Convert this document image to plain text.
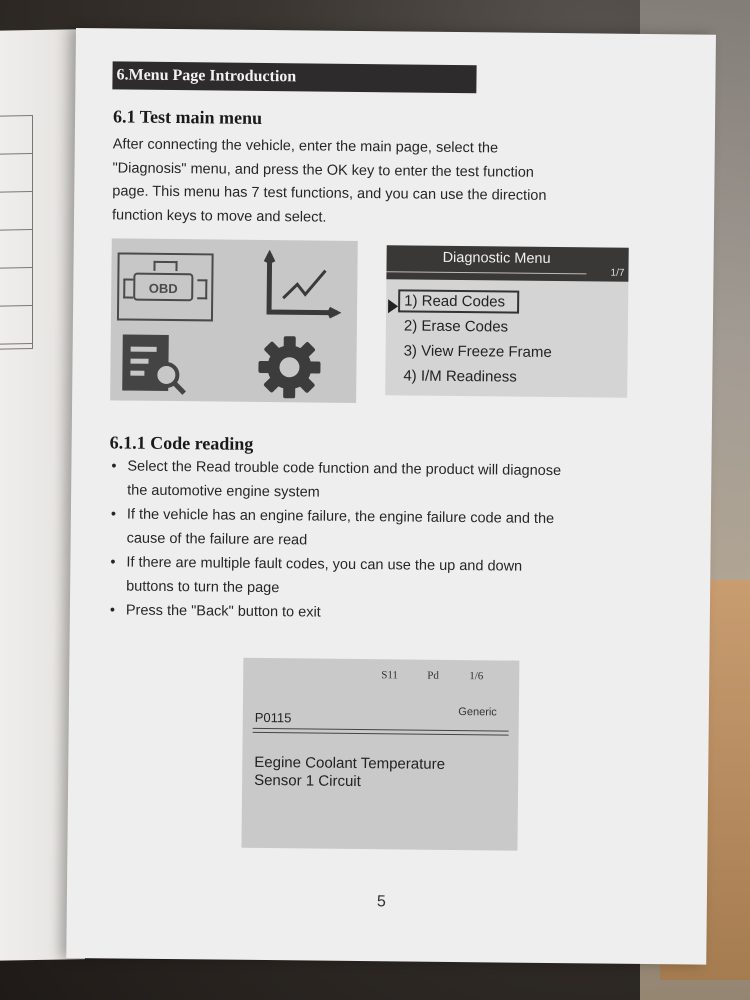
6.Menu Page Introduction
6.1 Test main menu
After connecting the vehicle, enter the main page, select the
"Diagnosis" menu, and press the OK key to enter the test function
page. This menu has 7 test functions, and you can use the direction
function keys to move and select.
OBD
Diagnostic Menu
1/7
1) Read Codes
2) Erase Codes
3) View Freeze Frame
4) I/M Readiness
6.1.1 Code reading
• Select the Read trouble code function and the product will diagnose
the automotive engine system
• If the vehicle has an engine failure, the engine failure code and the
cause of the failure are read
• If there are multiple fault codes, you can use the up and down
buttons to turn the page
• Press the "Back" button to exit
S11	Pd	1/6
Generic
P0115
Eegine Coolant Temperature
Sensor 1 Circuit
5
